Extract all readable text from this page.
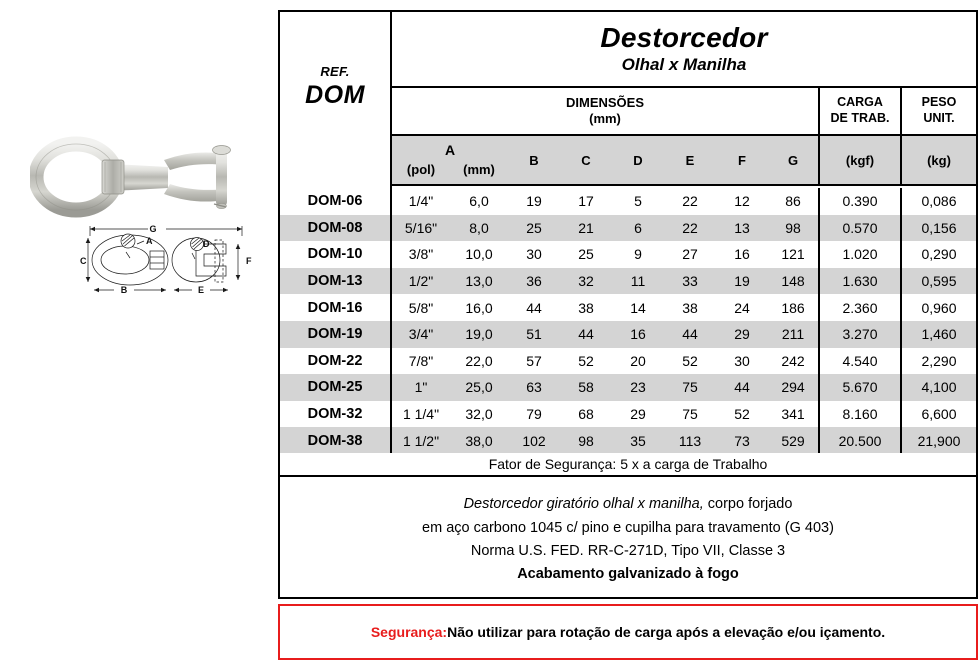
G
A
C
B
D
E
F
REF.
DOM
Destorcedor
Olhal x Manilha
DIMENSÕES
(mm)
CARGA
DE TRAB.
PESO
UNIT.
A
(pol) (mm)
B	C	D	E	F	G	(kgf)	(kg)
DOM-06	1/4"	6,0	19	17	5	22	12	86	0.390	0,086
DOM-08	5/16"	8,0	25	21	6	22	13	98	0.570	0,156
DOM-10	3/8"	10,0	30	25	9	27	16	121	1.020	0,290
DOM-13	1/2"	13,0	36	32	11	33	19	148	1.630	0,595
DOM-16	5/8"	16,0	44	38	14	38	24	186	2.360	0,960
DOM-19	3/4"	19,0	51	44	16	44	29	211	3.270	1,460
DOM-22	7/8"	22,0	57	52	20	52	30	242	4.540	2,290
DOM-25	1"	25,0	63	58	23	75	44	294	5.670	4,100
DOM-32	1 1/4"	32,0	79	68	29	75	52	341	8.160	6,600
DOM-38	1 1/2"	38,0	102	98	35	113	73	529	20.500	21,900
Fator de Segurança: 5 x a carga de Trabalho
Destorcedor giratório olhal x manilha, corpo forjado
em aço carbono 1045 c/ pino e cupilha para travamento (G 403)
Norma U.S. FED. RR-C-271D, Tipo VII, Classe 3
Acabamento galvanizado à fogo
Segurança: Não utilizar para rotação de carga após a elevação e/ou içamento.
